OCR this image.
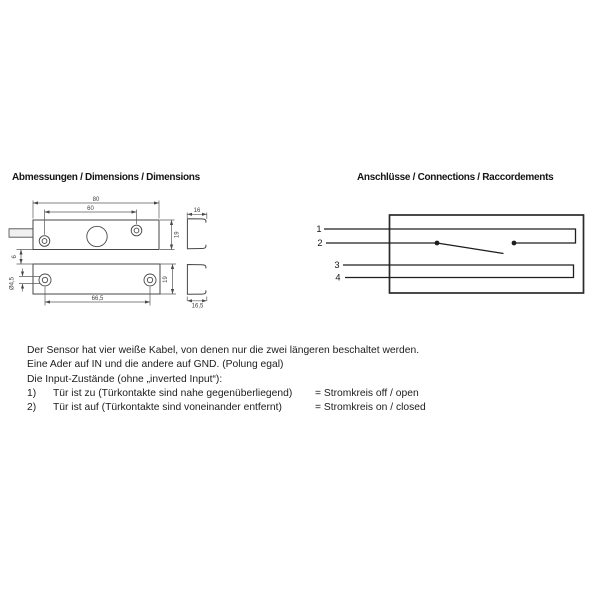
Abmessungen / Dimensions / Dimensions	Anschlüsse / Connections / Raccordements
80
60
19
6
Ø4,5
66,5
19
16
16,5
1
2
3
4
Der Sensor hat vier weiße Kabel, von denen nur die zwei längeren beschaltet werden.
Eine Ader auf IN und die andere auf GND. (Polung egal)
Die Input-Zustände (ohne „inverted Input“):
1) Tür ist zu (Türkontakte sind nahe gegenüberliegend) = Stromkreis off / open
2) Tür ist auf (Türkontakte sind voneinander entfernt)	= Stromkreis on / closed
